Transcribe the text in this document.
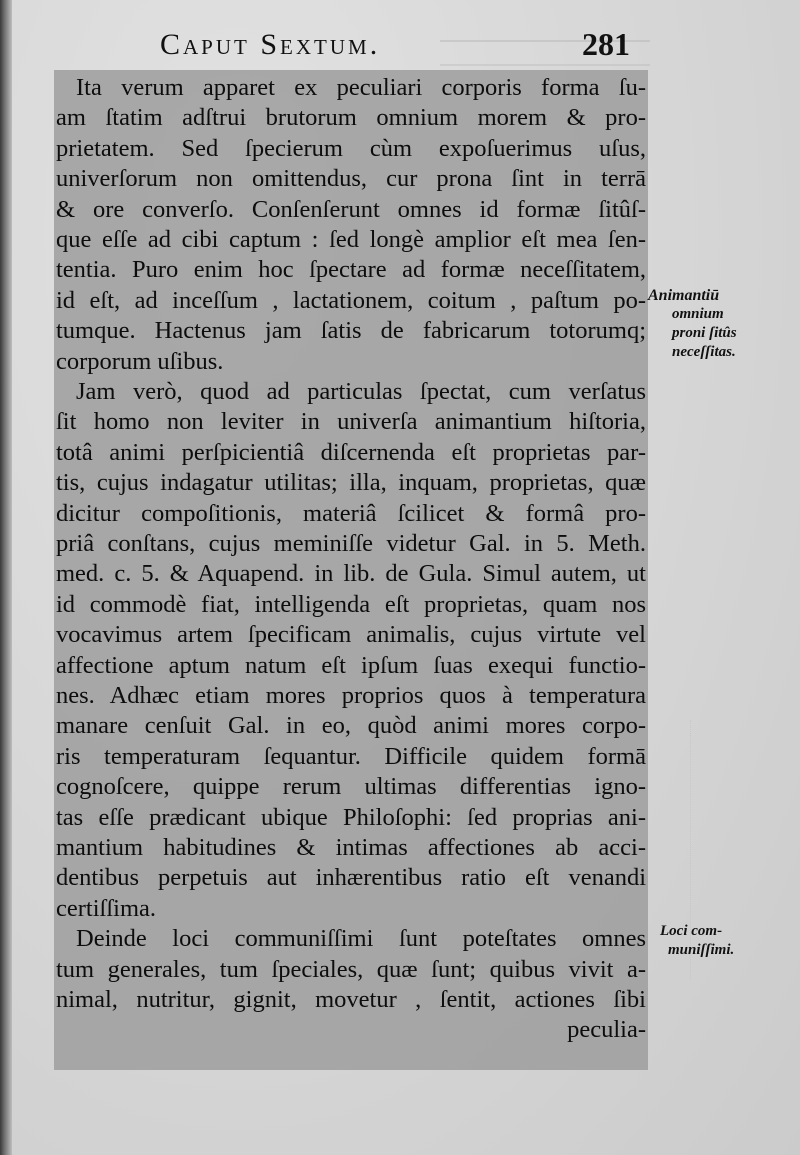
Caput Sextum.	281
Ita verum apparet ex peculiari corporis forma ſu-
am ſtatim adſtrui brutorum omnium morem & pro-
prietatem. Sed ſpecierum cùm expoſuerimus uſus,
univerſorum non omittendus, cur prona ſint in terrā
& ore converſo. Conſenſerunt omnes id formæ ſitûſ-
que eſſe ad cibi captum : ſed longè amplior eſt mea ſen-
tentia. Puro enim hoc ſpectare ad formæ neceſſitatem,
id eſt, ad inceſſum , lactationem, coitum , paſtum po-
tumque. Hactenus jam ſatis de fabricarum totorumq;
corporum uſibus.
Jam verò, quod ad particulas ſpectat, cum verſatus
ſit homo non leviter in univerſa animantium hiſtoria,
totâ animi perſpicientiâ diſcernenda eſt proprietas par-
tis, cujus indagatur utilitas; illa, inquam, proprietas, quæ
dicitur compoſitionis, materiâ ſcilicet & formâ pro-
priâ conſtans, cujus meminiſſe videtur Gal. in 5. Meth.
med. c. 5. & Aquapend. in lib. de Gula. Simul autem, ut
id commodè fiat, intelligenda eſt proprietas, quam nos
vocavimus artem ſpecificam animalis, cujus virtute vel
affectione aptum natum eſt ipſum ſuas exequi functio-
nes. Adhæc etiam mores proprios quos à temperatura
manare cenſuit Gal. in eo, quòd animi mores corpo-
ris temperaturam ſequantur. Difficile quidem formā
cognoſcere, quippe rerum ultimas differentias igno-
tas eſſe prædicant ubique Philoſophi: ſed proprias ani-
mantium habitudines & intimas affectiones ab acci-
dentibus perpetuis aut inhærentibus ratio eſt venandi
certiſſima.
Deinde loci communiſſimi ſunt poteſtates omnes
tum generales, tum ſpeciales, quæ ſunt; quibus vivit a-
nimal, nutritur, gignit, movetur , ſentit, actiones ſibi
peculia-
Animantiū
omnium
proni ſitûs
neceſſitas.
Loci com-
muniſſimi.
